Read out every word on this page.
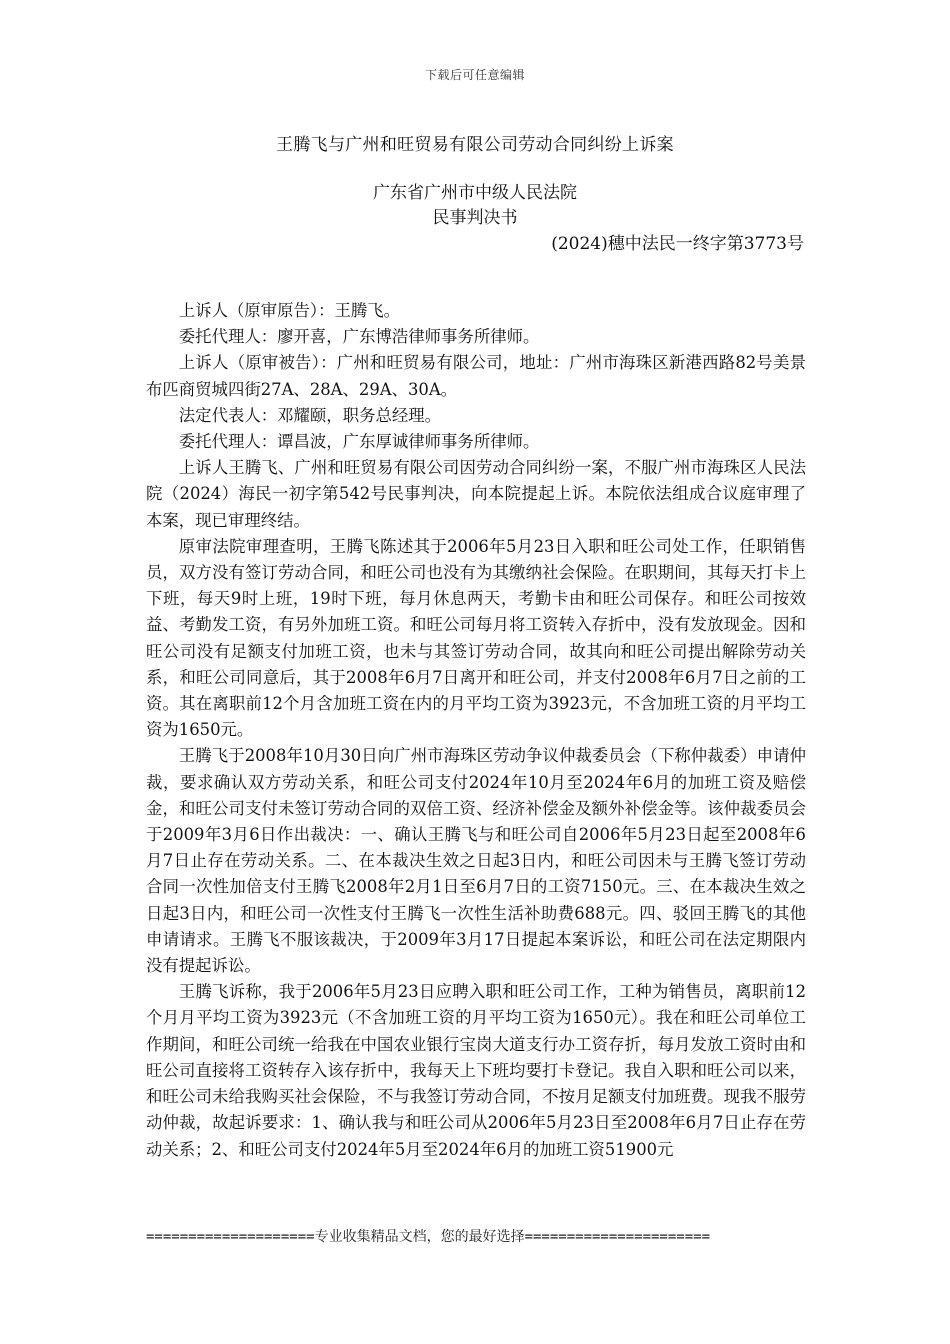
下载后可任意编辑
王腾飞与广州和旺贸易有限公司劳动合同纠纷上诉案
广东省广州市中级人民法院
民事判决书
(2024)穗中法民一终字第3773号

上诉人（原审原告）：王腾飞。

委托代理人：廖开喜，广东博浩律师事务所律师。

上诉人（原审被告）：广州和旺贸易有限公司，地址：广州市海珠区新港西路82号美景布匹商贸城四街27A、28A、29A、30A。

法定代表人：邓耀颐，职务总经理。

委托代理人：谭昌波，广东厚诚律师事务所律师。

上诉人王腾飞、广州和旺贸易有限公司因劳动合同纠纷一案，不服广州市海珠区人民法院（2024）海民一初字第542号民事判决，向本院提起上诉。本院依法组成合议庭审理了本案，现已审理终结。

原审法院审理查明，王腾飞陈述其于2006年5月23日入职和旺公司处工作，任职销售员，双方没有签订劳动合同，和旺公司也没有为其缴纳社会保险。在职期间，其每天打卡上下班，每天9时上班，19时下班，每月休息两天，考勤卡由和旺公司保存。和旺公司按效益、考勤发工资，有另外加班工资。和旺公司每月将工资转入存折中，没有发放现金。因和旺公司没有足额支付加班工资，也未与其签订劳动合同，故其向和旺公司提出解除劳动关系，和旺公司同意后，其于2008年6月7日离开和旺公司，并支付2008年6月7日之前的工资。其在离职前12个月含加班工资在内的月平均工资为3923元，不含加班工资的月平均工资为1650元。

王腾飞于2008年10月30日向广州市海珠区劳动争议仲裁委员会（下称仲裁委）申请仲裁，要求确认双方劳动关系，和旺公司支付2024年10月至2024年6月的加班工资及赔偿金，和旺公司支付未签订劳动合同的双倍工资、经济补偿金及额外补偿金等。该仲裁委员会于2009年3月6日作出裁决：一、确认王腾飞与和旺公司自2006年5月23日起至2008年6月7日止存在劳动关系。二、在本裁决生效之日起3日内，和旺公司因未与王腾飞签订劳动合同一次性加倍支付王腾飞2008年2月1日至6月7日的工资7150元。三、在本裁决生效之日起3日内，和旺公司一次性支付王腾飞一次性生活补助费688元。四、驳回王腾飞的其他申请请求。王腾飞不服该裁决，于2009年3月17日提起本案诉讼，和旺公司在法定期限内没有提起诉讼。

王腾飞诉称，我于2006年5月23日应聘入职和旺公司工作，工种为销售员，离职前12个月月平均工资为3923元（不含加班工资的月平均工资为1650元）。我在和旺公司单位工作期间，和旺公司统一给我在中国农业银行宝岗大道支行办工资存折，每月发放工资时由和旺公司直接将工资转存入该存折中，我每天上下班均要打卡登记。我自入职和旺公司以来，和旺公司未给我购买社会保险，不与我签订劳动合同，不按月足额支付加班费。现我不服劳动仲裁，故起诉要求：1、确认我与和旺公司从2006年5月23日至2008年6月7日止存在劳动关系；2、和旺公司支付2024年5月至2024年6月的加班工资51900元

====================专业收集精品文档，您的最好选择======================
